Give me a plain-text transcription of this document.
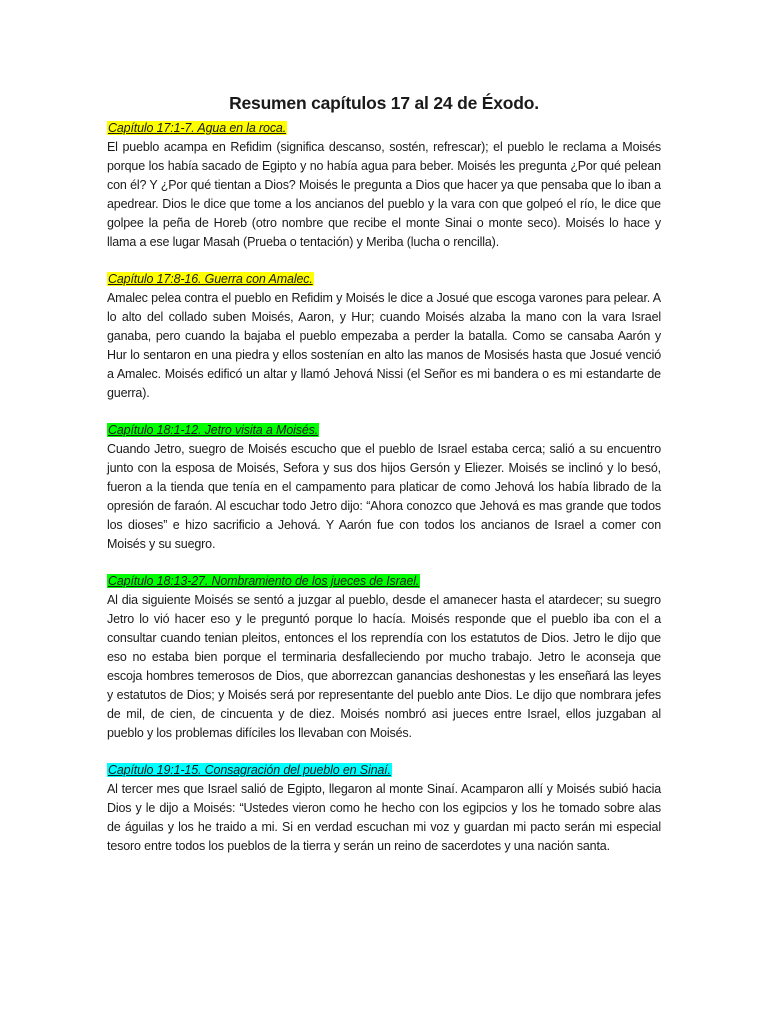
Resumen capítulos 17 al 24 de Éxodo.

Capítulo 17:1-7. Agua en la roca.

El pueblo acampa en Refidim (significa descanso, sostén, refrescar); el pueblo le reclama a Moisés porque los había sacado de Egipto y no había agua para beber. Moisés les pregunta ¿Por qué pelean con él? Y ¿Por qué tientan a Dios? Moisés le pregunta a Dios que hacer ya que pensaba que lo iban a apedrear. Dios le dice que tome a los ancianos del pueblo y la vara con que golpeó el río, le dice que golpee la peña de Horeb (otro nombre que recibe el monte Sinai o monte seco). Moisés lo hace y llama a ese lugar Masah (Prueba o tentación) y Meriba (lucha o rencilla).

Capítulo 17:8-16. Guerra con Amalec.

Amalec pelea contra el pueblo en Refidim y Moisés le dice a Josué que escoga varones para pelear. A lo alto del collado suben Moisés, Aaron, y Hur; cuando Moisés alzaba la mano con la vara Israel ganaba, pero cuando la bajaba el pueblo empezaba a perder la batalla. Como se cansaba Aarón y Hur lo sentaron en una piedra y ellos sostenían en alto las manos de Mosisés hasta que Josué venció a Amalec. Moisés edificó un altar y llamó Jehová Nissi (el Señor es mi bandera o es mi estandarte de guerra).

Capítulo 18:1-12. Jetro visita a Moisés.

Cuando Jetro, suegro de Moisés escucho que el pueblo de Israel estaba cerca; salió a su encuentro junto con la esposa de Moisés, Sefora y sus dos hijos Gersón y Eliezer. Moisés se inclinó y lo besó, fueron a la tienda que tenía en el campamento para platicar de como Jehová los había librado de la opresión de faraón. Al escuchar todo Jetro dijo: “Ahora conozco que Jehová es mas grande que todos los dioses” e hizo sacrificio a Jehová. Y Aarón fue con todos los ancianos de Israel a comer con Moisés y su suegro.

Capítulo 18:13-27. Nombramiento de los jueces de Israel.

Al dia siguiente Moisés se sentó a juzgar al pueblo, desde el amanecer hasta el atardecer; su suegro Jetro lo vió hacer eso y le preguntó porque lo hacía. Moisés responde que el pueblo iba con el a consultar cuando tenian pleitos, entonces el los reprendía con los estatutos de Dios. Jetro le dijo que eso no estaba bien porque el terminaria desfalleciendo por mucho trabajo. Jetro le aconseja que escoja hombres temerosos de Dios, que aborrezcan ganancias deshonestas y les enseñará las leyes y estatutos de Dios; y Moisés será por representante del pueblo ante Dios. Le dijo que nombrara jefes de mil, de cien, de cincuenta y de diez. Moisés nombró asi jueces entre Israel, ellos juzgaban al pueblo y los problemas difíciles los llevaban con Moisés.

Capítulo 19:1-15. Consagración del pueblo en Sinaí.

Al tercer mes que Israel salió de Egipto, llegaron al monte Sinaí. Acamparon allí y Moisés subió hacia Dios y le dijo a Moisés: “Ustedes vieron como he hecho con los egipcios y los he tomado sobre alas de águilas y los he traido a mi. Si en verdad escuchan mi voz y guardan mi pacto serán mi especial tesoro entre todos los pueblos de la tierra y serán un reino de sacerdotes y una nación santa.
